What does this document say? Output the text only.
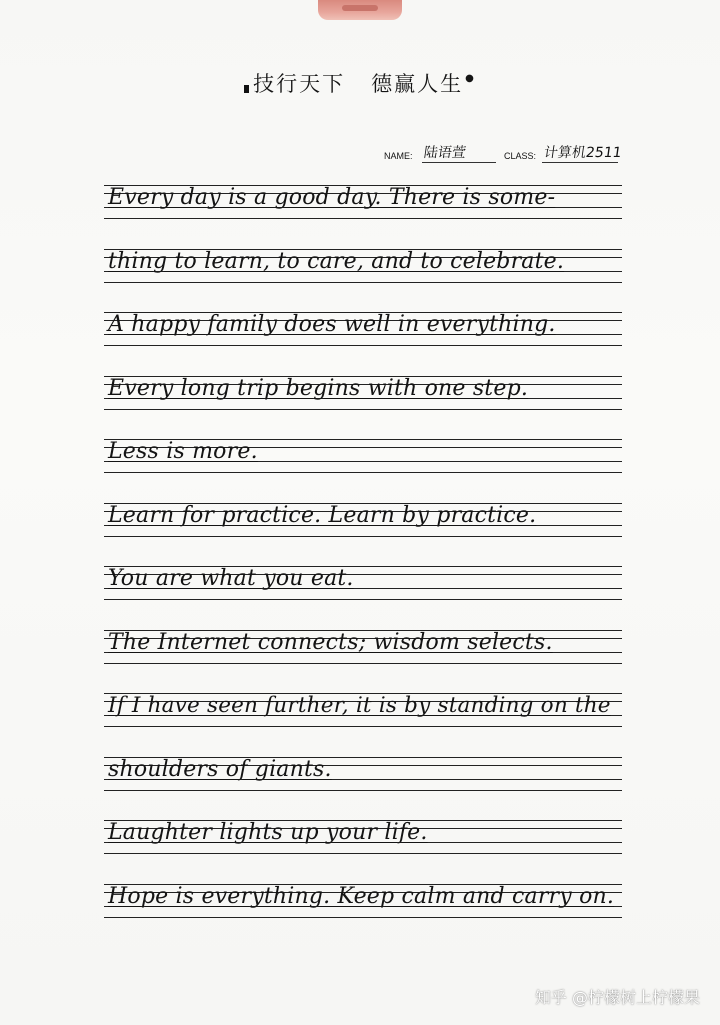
技行天下 德赢人生 ●
NAME: 陆语萱	CLASS: 计算机2511
Every day is a good day. There is some-
thing to learn, to care, and to celebrate.
A happy family does well in everything.
Every long trip begins with one step.
Less is more.
Learn for practice. Learn by practice.
You are what you eat.
The Internet connects; wisdom selects.
If I have seen further, it is by standing on the
shoulders of giants.
Laughter lights up your life.
Hope is everything. Keep calm and carry on.
知乎 @柠檬树上柠檬果
